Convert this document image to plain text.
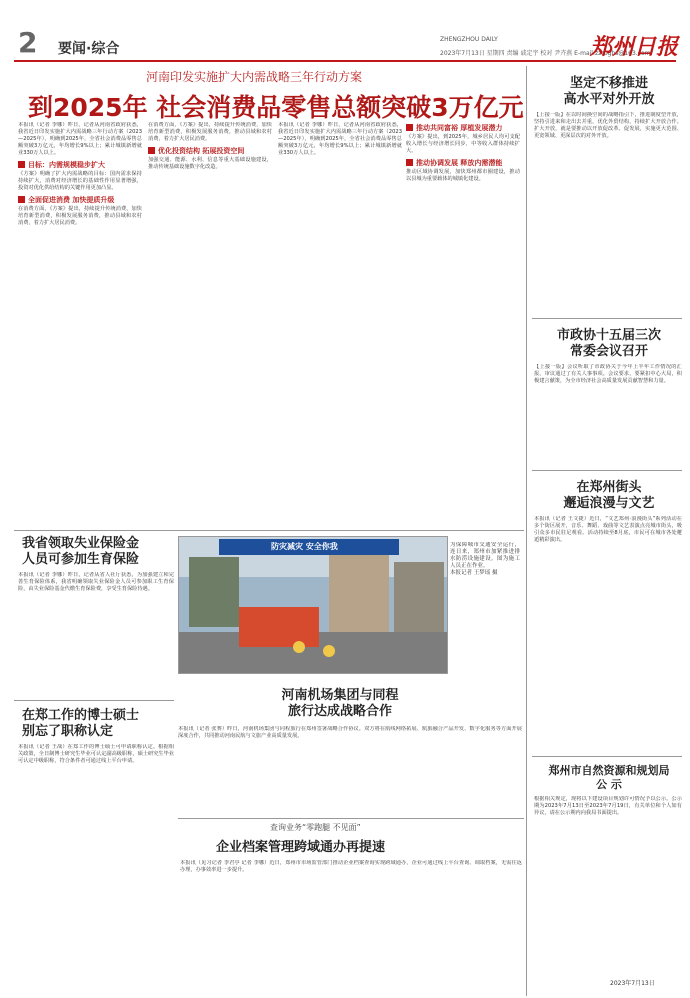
2	要闻·综合
ZHENGZHOU DAILY
2023年7月13日 星期四 责编 戚定宇 校对 尹卉燕 E-mail:zzrbgbs@163.com
郑州日报
河南印发实施扩大内需战略三年行动方案
到2025年 社会消费品零售总额突破3万亿元
本报讯（记者 李娜）昨日，记者从河南省政府获悉，我省近日印发实施扩大内需战略三年行动方案（2023—2025年），明确到2025年，全省社会消费品零售总额突破3万亿元，年均增长9%以上；累计城镇新增就业330万人以上。
目标：内需规模稳步扩大
《方案》明确了扩大内需战略的目标：国内需求保持持续扩大，消费对经济增长的基础性作用显著增强，投资对优化供给结构的关键作用更加凸显。
全面促进消费 加快提质升级
在消费方面，《方案》提出，持续提升传统消费，加快培育新型消费，积极发展服务消费，推动县域和农村消费，着力扩大居民消费。
在消费方面，《方案》提出，持续提升传统消费，加快培育新型消费，积极发展服务消费，推动县域和农村消费，着力扩大居民消费。
优化投资结构 拓展投资空间
加强交通、能源、水利、信息等重大基础设施建设，推动传统基础设施数字化改造。
本报讯（记者 李娜）昨日，记者从河南省政府获悉，我省近日印发实施扩大内需战略三年行动方案（2023—2025年），明确到2025年，全省社会消费品零售总额突破3万亿元，年均增长9%以上；累计城镇新增就业330万人以上。
推动共同富裕 厚植发展潜力
《方案》提出，到2025年，城乡居民人均可支配收入增长与经济增长同步，中等收入群体持续扩大。
推动协调发展 释放内需潜能
推动区域协调发展，加快郑州都市圈建设，推动以县城为重要载体的城镇化建设。
坚定不移推进
高水平对外开放
【上接一版】在以时间换空间的战略指引下，推进制度型开放，坚持引进来和走出去并重，优化外贸结构，持续扩大开放合作。扩大开放，就是要推动以开放促改革、促发展，实施更大范围、更宽领域、更深层次的对外开放。
市政协十五届三次
常委会议召开
【上接一版】会议听取了市政协关于今年上半年工作情况的汇报，审议通过了有关人事事项。会议要求，要紧扣中心大局，积极建言献策，为全市经济社会高质量发展贡献智慧和力量。
在郑州街头
邂逅浪漫与文艺
本报讯（记者 王文捷）近日，“文艺郑州·浪漫街头”系列活动在多个街区展开，音乐、舞蹈、戏曲等文艺表演点亮城市街头，吸引众多市民驻足观看。活动持续至8月底，市民可在城市各处邂逅精彩演出。
我省领取失业保险金
人员可参加生育保险
本报讯（记者 李娜）昨日，记者从省人社厅获悉，为加强建立和完善生育保险体系，我省明确领取失业保险金人员可参加职工生育保险，由失业保险基金代缴生育保险费，享受生育保险待遇。
防灾减灾 安全你我	为保障城市交通安全运行，连日来，郑州市加紧推进排水防涝设施建设。图为施工人员正在作业。
本报记者 王梦瑶 摄
河南机场集团与同程
旅行达成战略合作
本报讯（记者 张赛）昨日，河南机场集团与同程旅行在郑州签署战略合作协议。双方将在航线网络拓展、航旅融合产品开发、数字化服务等方面开展深度合作，共同推动河南民航与文旅产业高质量发展。
在郑工作的博士硕士
别忘了职称认定
本报讯（记者 王战）在郑工作的博士硕士可申请职称认定。根据相关政策，全日制博士研究生毕业可认定副高级职称，硕士研究生毕业可认定中级职称，符合条件者可通过线上平台申请。
查询业务“零跑腿 不见面”
企业档案管理跨域通办再提速
本报讯（见习记者 李君亭 记者 李娜）近日，郑州市市场监管部门推动企业档案查询实现跨域通办，企业可通过线上平台查询、调取档案，无需往返办理，办事效率进一步提升。
郑州市自然资源和规划局
公 示
根据相关规定，现将以下建设项目规划许可情况予以公示。公示期为2023年7月13日至2023年7月19日，有关单位和个人如有异议，请在公示期内向我局书面提出。
2023年7月13日
